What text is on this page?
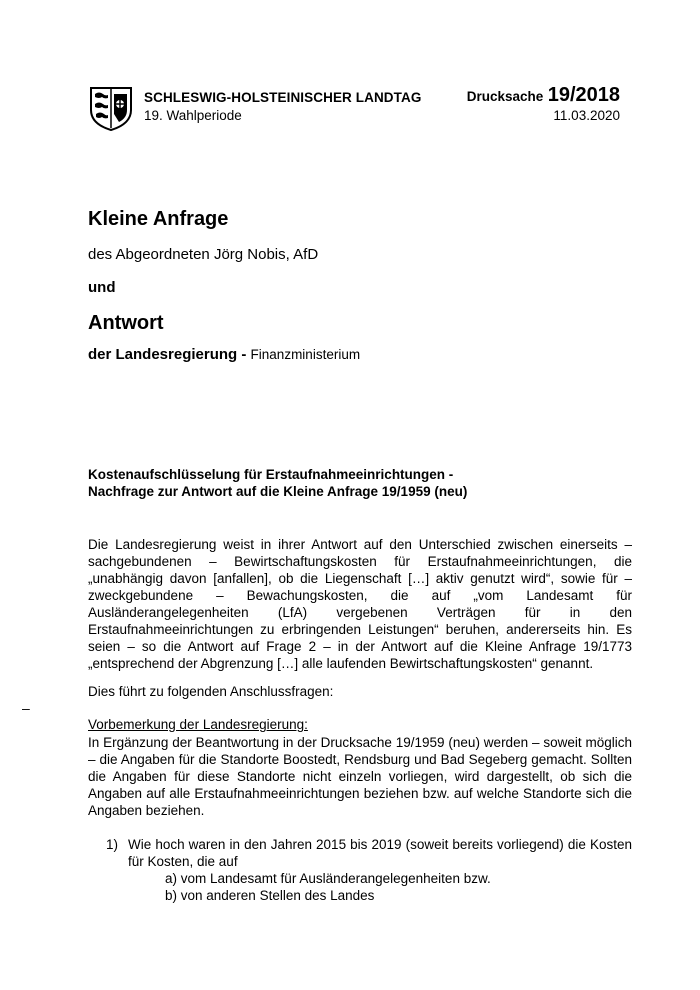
SCHLESWIG-HOLSTEINISCHER LANDTAG
19. Wahlperiode
Drucksache 19/2018
11.03.2020
Kleine Anfrage
des Abgeordneten Jörg Nobis, AfD
und
Antwort
der Landesregierung - Finanzministerium
Kostenaufschlüsselung für Erstaufnahmeeinrichtungen -
Nachfrage zur Antwort auf die Kleine Anfrage 19/1959 (neu)
Die Landesregierung weist in ihrer Antwort auf den Unterschied zwischen einerseits – sachgebundenen – Bewirtschaftungskosten für Erstaufnahmeeinrichtungen, die „unabhängig davon [anfallen], ob die Liegenschaft […] aktiv genutzt wird“, sowie für – zweckgebundene – Bewachungskosten, die auf „vom Landesamt für Ausländerangelegenheiten (LfA) vergebenen Verträgen für in den Erstaufnahmeeinrichtungen zu erbringenden Leistungen“ beruhen, andererseits hin. Es seien – so die Antwort auf Frage 2 – in der Antwort auf die Kleine Anfrage 19/1773 „entsprechend der Abgrenzung […] alle laufenden Bewirtschaftungskosten“ genannt.
Dies führt zu folgenden Anschlussfragen:
–
Vorbemerkung der Landesregierung:
In Ergänzung der Beantwortung in der Drucksache 19/1959 (neu) werden – soweit möglich – die Angaben für die Standorte Boostedt, Rendsburg und Bad Segeberg gemacht. Sollten die Angaben für diese Standorte nicht einzeln vorliegen, wird dargestellt, ob sich die Angaben auf alle Erstaufnahmeeinrichtungen beziehen bzw. auf welche Standorte sich die Angaben beziehen.
1) Wie hoch waren in den Jahren 2015 bis 2019 (soweit bereits vorliegend) die Kosten für Kosten, die auf
a) vom Landesamt für Ausländerangelegenheiten bzw.
b) von anderen Stellen des Landes
